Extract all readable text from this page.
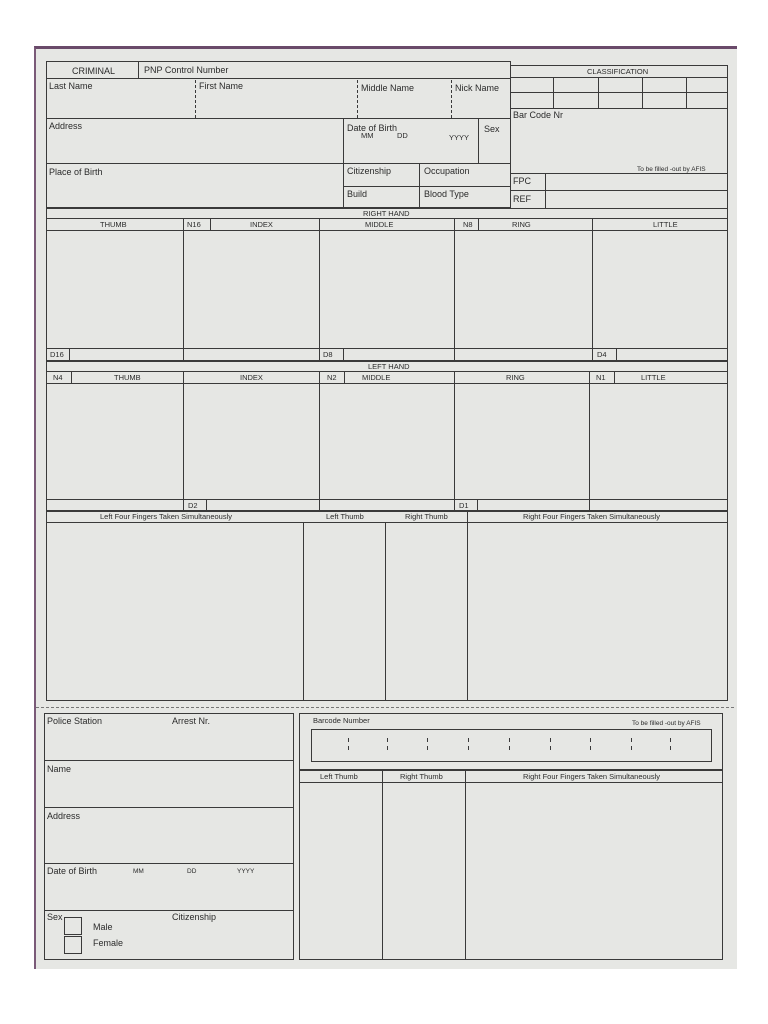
CRIMINAL	PNP Control Number
Last Name	First Name	Middle Name	Nick Name
Address	Date of Birth
MM	DD	YYYY
Sex
Place of Birth	Citizenship	Occupation
Build	Blood Type
CLASSIFICATION
Bar Code Nr
To be filled -out by AFIS
FPC
REF
RIGHT HAND
THUMB	N16	INDEX	MIDDLE	N8	RING	LITTLE
D16	D8	D4
LEFT HAND
N4	THUMB	INDEX	N2	MIDDLE	RING	N1	LITTLE
D2	D1
Left Four Fingers Taken Simultaneously	Left Thumb	Right Thumb	Right Four Fingers Taken Simultaneously
Police Station	Arrest Nr.
Name
Address
Date of Birth	MM	DD	YYYY
Sex	Citizenship
Male
Female
Barcode Number	To be filled -out by AFIS
Left Thumb	Right Thumb	Right Four Fingers Taken Simultaneously
